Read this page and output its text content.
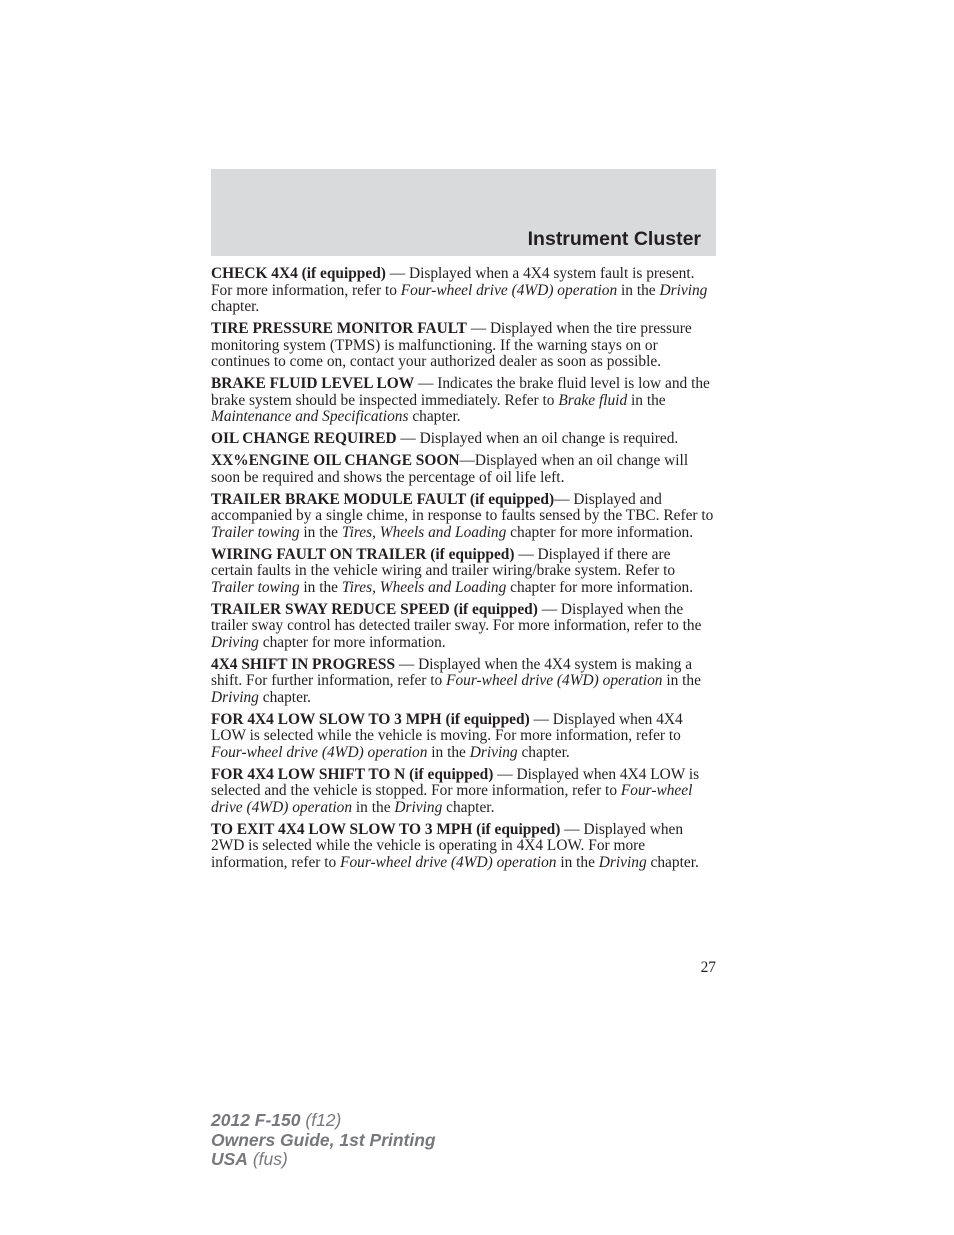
Instrument Cluster

CHECK 4X4 (if equipped) — Displayed when a 4X4 system fault is present. For more information, refer to Four-wheel drive (4WD) operation in the Driving chapter.

TIRE PRESSURE MONITOR FAULT — Displayed when the tire pressure monitoring system (TPMS) is malfunctioning. If the warning stays on or continues to come on, contact your authorized dealer as soon as possible.

BRAKE FLUID LEVEL LOW — Indicates the brake fluid level is low and the brake system should be inspected immediately. Refer to Brake fluid in the Maintenance and Specifications chapter.

OIL CHANGE REQUIRED — Displayed when an oil change is required.

XX%ENGINE OIL CHANGE SOON—Displayed when an oil change will soon be required and shows the percentage of oil life left.

TRAILER BRAKE MODULE FAULT (if equipped)— Displayed and accompanied by a single chime, in response to faults sensed by the TBC. Refer to Trailer towing in the Tires, Wheels and Loading chapter for more information.

WIRING FAULT ON TRAILER (if equipped) — Displayed if there are certain faults in the vehicle wiring and trailer wiring/brake system. Refer to Trailer towing in the Tires, Wheels and Loading chapter for more information.

TRAILER SWAY REDUCE SPEED (if equipped) — Displayed when the trailer sway control has detected trailer sway. For more information, refer to the Driving chapter for more information.

4X4 SHIFT IN PROGRESS — Displayed when the 4X4 system is making a shift. For further information, refer to Four-wheel drive (4WD) operation in the Driving chapter.

FOR 4X4 LOW SLOW TO 3 MPH (if equipped) — Displayed when 4X4 LOW is selected while the vehicle is moving. For more information, refer to Four-wheel drive (4WD) operation in the Driving chapter.

FOR 4X4 LOW SHIFT TO N (if equipped) — Displayed when 4X4 LOW is selected and the vehicle is stopped. For more information, refer to Four-wheel drive (4WD) operation in the Driving chapter.

TO EXIT 4X4 LOW SLOW TO 3 MPH (if equipped) — Displayed when 2WD is selected while the vehicle is operating in 4X4 LOW. For more information, refer to Four-wheel drive (4WD) operation in the Driving chapter.

27
2012 F-150 (f12)
Owners Guide, 1st Printing
USA (fus)
